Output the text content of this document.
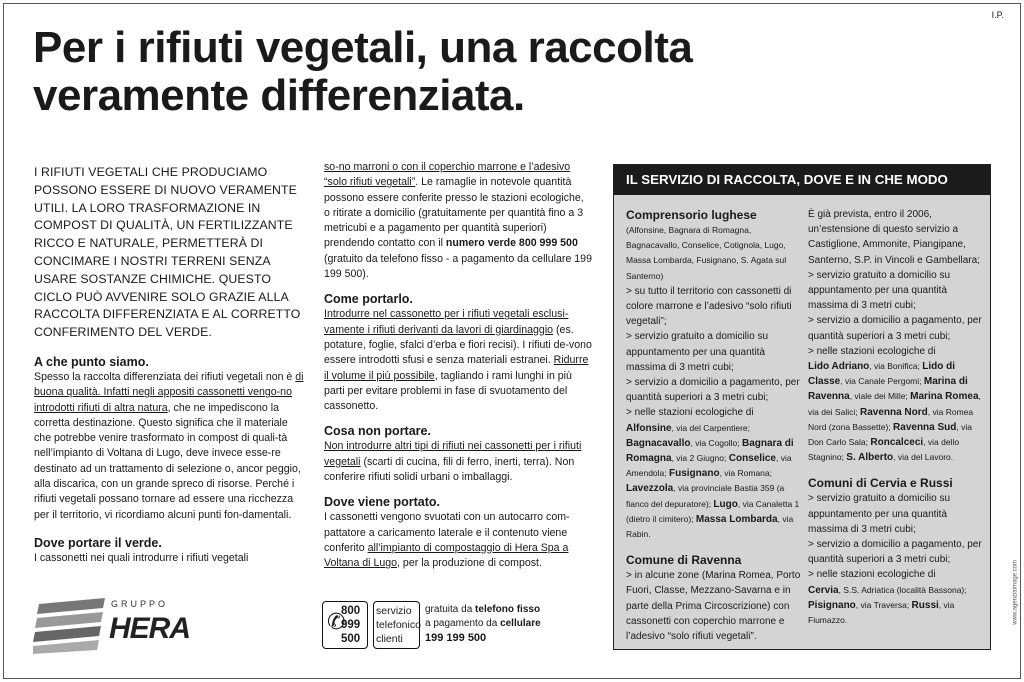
I.P.
Per i rifiuti vegetali, una raccolta
veramente differenziata.
I RIFIUTI VEGETALI CHE PRODUCIAMO POSSONO ESSERE DI NUOVO VERAMENTE UTILI. LA LORO TRASFORMAZIONE IN COMPOST DI QUALITÀ, UN FERTILIZZANTE RICCO E NATURALE, PERMETTERÀ DI CONCIMARE I NOSTRI TERRENI SENZA USARE SOSTANZE CHIMICHE. QUESTO CICLO PUÒ AVVENIRE SOLO GRAZIE ALLA RACCOLTA DIFFERENZIATA E AL CORRETTO CONFERIMENTO DEL VERDE.
A che punto siamo.
Spesso la raccolta differenziata dei rifiuti vegetali non è di buona qualità. Infatti negli appositi cassonetti vengo-no introdotti rifiuti di altra natura, che ne impediscono la corretta destinazione. Questo significa che il materiale che potrebbe venire trasformato in compost di quali-tà nell’impianto di Voltana di Lugo, deve invece esse-re destinato ad un trattamento di selezione o, ancor peggio, alla discarica, con un grande spreco di risorse. Perché i rifiuti vegetali possano tornare ad essere una ricchezza per il territorio, vi ricordiamo alcuni punti fon-damentali.
Dove portare il verde.
I cassonetti nei quali introdurre i rifiuti vegetali
so-no marroni o con il coperchio marrone e l’adesivo “solo rifiuti vegetali”. Le ramaglie in notevole quantità possono essere conferite presso le stazioni ecologiche, o ritirate a domicilio (gratuitamente per quantità fino a 3 metricubi e a pagamento per quantità superiori) prendendo contatto con il numero verde 800 999 500 (gratuito da telefono fisso - a pagamento da cellulare 199 199 500).
Come portarlo.
Introdurre nel cassonetto per i rifiuti vegetali esclusi-vamente i rifiuti derivanti da lavori di giardinaggio (es. potature, foglie, sfalci d’erba e fiori recisi). I rifiuti de-vono essere introdotti sfusi e senza materiali estranei. Ridurre il volume il più possibile, tagliando i rami lunghi in più parti per evitare problemi in fase di svuotamento del cassonetto.
Cosa non portare.
Non introdurre altri tipi di rifiuti nei cassonetti per i rifiuti vegetali (scarti di cucina, fili di ferro, inerti, terra). Non conferire rifiuti solidi urbani o imballaggi.
Dove viene portato.
I cassonetti vengono svuotati con un autocarro com-pattatore a caricamento laterale e il contenuto viene conferito all’impianto di compostaggio di Hera Spa a Voltana di Lugo, per la produzione di compost.
IL SERVIZIO DI RACCOLTA, DOVE E IN CHE MODO
Comprensorio lughese
(Alfonsine, Bagnara di Romagna, Bagnacavallo, Conselice, Cotignola, Lugo, Massa Lombarda, Fusignano, S. Agata sul Santerno)
> su tutto il territorio con cassonetti di colore marrone e l’adesivo “solo rifiuti vegetali”;
> servizio gratuito a domicilio su appuntamento per una quantità massima di 3 metri cubi;
> servizio a domicilio a pagamento, per quantità superiori a 3 metri cubi;
> nelle stazioni ecologiche di
Alfonsine, via del Carpentiere; Bagnacavallo, via Cogollo; Bagnara di Romagna, via 2 Giugno; Conselice, via Amendola; Fusignano, via Romana; Lavezzola, via provinciale Bastia 359 (a fianco del depuratore); Lugo, via Canaletta 1 (dietro il cimitero); Massa Lombarda, via Rabin.
Comune di Ravenna
> in alcune zone (Marina Romea, Porto Fuori, Classe, Mezzano-Savarna e in parte della Prima Circoscrizione) con cassonetti con coperchio marrone e l’adesivo “solo rifiuti vegetali”.
È già prevista, entro il 2006, un’estensione di questo servizio a Castiglione, Ammonite, Piangipane, Santerno, S.P. in Vincoli e Gambellara;
> servizio gratuito a domicilio su appuntamento per una quantità massima di 3 metri cubi;
> servizio a domicilio a pagamento, per quantità superiori a 3 metri cubi;
> nelle stazioni ecologiche di
Lido Adriano, via Bonifica; Lido di Classe, via Canale Pergomi; Marina di Ravenna, viale dei Mille; Marina Romea, via dei Salici; Ravenna Nord, via Romea Nord (zona Bassette); Ravenna Sud, via Don Carlo Sala; Roncalceci, via dello Stagnino; S. Alberto, via del Lavoro.
Comuni di Cervia e Russi
> servizio gratuito a domicilio su appuntamento per una quantità massima di 3 metri cubi;
> servizio a domicilio a pagamento, per quantità superiori a 3 metri cubi;
> nelle stazioni ecologiche di
Cervia, S.S. Adriatica (località Bassona); Pisignano, via Traversa; Russi, via Fiumazzo.
GRUPPO
HERA	✆
800
999
500
servizio
telefonico
clienti
gratuita da telefono fisso
a pagamento da cellulare
199 199 500
www.agenziaimage.com
